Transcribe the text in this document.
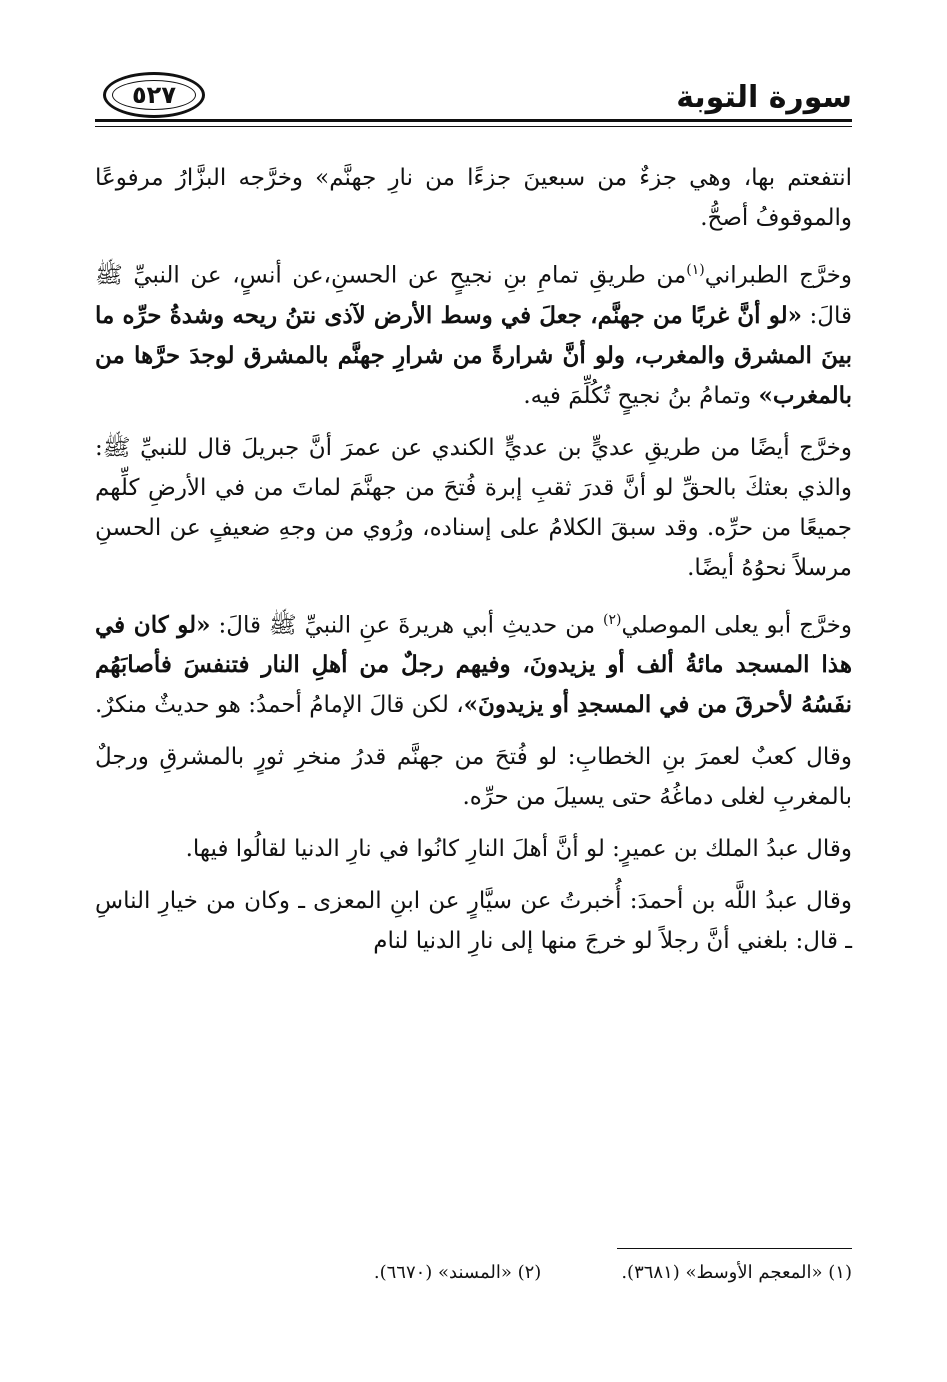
سورة التوبة
٥٢٧

انتفعتم بها، وهي جزءٌ من سبعينَ جزءًا من نارِ جهنَّم» وخرَّجه البزَّارُ مرفوعًا والموقوفُ أصحُّ.

وخرَّج الطبراني$^{(١)}$من طريقِ تمامِ بنِ نجيحٍ عن الحسنِ،عن أنسٍ، عن النبيِّ ﷺ قالَ: «لو أنَّ غربًا من جهنَّم، جعلَ في وسط الأرض لآذى نتنُ ريحه وشدةُ حرِّه ما بينَ المشرق والمغرب، ولو أنَّ شرارةً من شرارِ جهنَّم بالمشرق لوجدَ حرَّها من بالمغرب» وتمامُ بنُ نجيحٍ تُكُلِّمَ فيه.

وخرَّج أيضًا من طريقِ عديٍّ بن عديٍّ الكندي عن عمرَ أنَّ جبريلَ قال للنبيِّ ﷺ: والذي بعثكَ بالحقِّ لو أنَّ قدرَ ثقبِ إبرة فُتحَ من جهنَّمَ لماتَ من في الأرضِ كلِّهم جميعًا من حرِّه. وقد سبقَ الكلامُ على إسناده، ورُوي من وجهِ ضعيفٍ عن الحسنِ مرسلاً نحوُهُ أيضًا.

وخرَّج أبو يعلى الموصلي$^{(٢)}$ من حديثِ أبي هريرةَ عنِ النبيِّ ﷺ قالَ: «لو كان في هذا المسجد مائةُ ألف أو يزيدونَ، وفيهم رجلٌ من أهلِ النار فتنفسَ فأصابَهُم نفَسُهُ لأحرقَ من في المسجدِ أو يزيدونَ»، لكن قالَ الإمامُ أحمدُ: هو حديثٌ منكرٌ.

وقال كعبٌ لعمرَ بنِ الخطابِ: لو فُتحَ من جهنَّم قدرُ منخرِ ثورٍ بالمشرقِ ورجلٌ بالمغربِ لغلى دماغُهُ حتى يسيلَ من حرِّه.

وقال عبدُ الملك بن عميرٍ: لو أنَّ أهلَ النارِ كانُوا في نارِ الدنيا لقالُوا فيها.

وقال عبدُ اللَّه بن أحمدَ: أُخبرتُ عن سيَّارٍ عن ابنِ المعزى ـ وكان من خيارِ الناسِ ـ قال: بلغني أنَّ رجلاً لو خرجَ منها إلى نارِ الدنيا لنام

(١) «المعجم الأوسط» (٣٦٨١).
(٢) «المسند» (٦٦٧٠).
